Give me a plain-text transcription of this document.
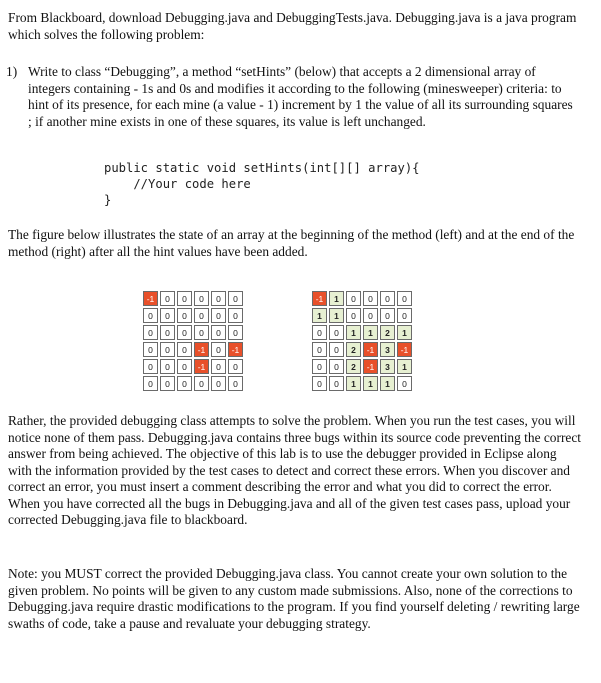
From Blackboard, download Debugging.java and DebuggingTests.java. Debugging.java is a java program which solves the following problem:

1) Write to class “Debugging”, a method “setHints” (below) that accepts a 2 dimensional array of integers containing - 1s and 0s and modifies it according to the following (minesweeper) criteria: to hint of its presence, for each mine (a value - 1) increment by 1 the value of all its surrounding squares ; if another mine exists in one of these squares, its value is left unchanged.
public static void setHints(int[][] array){
//Your code here
}

The figure below illustrates the state of an array at the beginning of the method (left) and at the end of the method (right) after all the hint values have been added.

-1	0	0	0	0	0
0	0	0	0	0	0
0	0	0	0	0	0
0	0	0	-1	0	-1
0	0	0	-1	0	0
0	0	0	0	0	0
-1	1	0	0	0	0
1	1	0	0	0	0
0	0	1	1	2	1
0	0	2	-1	3	-1
0	0	2	-1	3	1
0	0	1	1	1	0

Rather, the provided debugging class attempts to solve the problem. When you run the test cases, you will notice none of them pass. Debugging.java contains three bugs within its source code preventing the correct answer from being achieved. The objective of this lab is to use the debugger provided in Eclipse along with the information provided by the test cases to detect and correct these errors. When you discover and correct an error, you must insert a comment describing the error and what you did to correct the error. When you have corrected all the bugs in Debugging.java and all of the given test cases pass, upload your corrected Debugging.java file to blackboard.

Note: you MUST correct the provided Debugging.java class. You cannot create your own solution to the given problem. No points will be given to any custom made submissions. Also, none of the corrections to Debugging.java require drastic modifications to the program. If you find yourself deleting / rewriting large swaths of code, take a pause and revaluate your debugging strategy.
